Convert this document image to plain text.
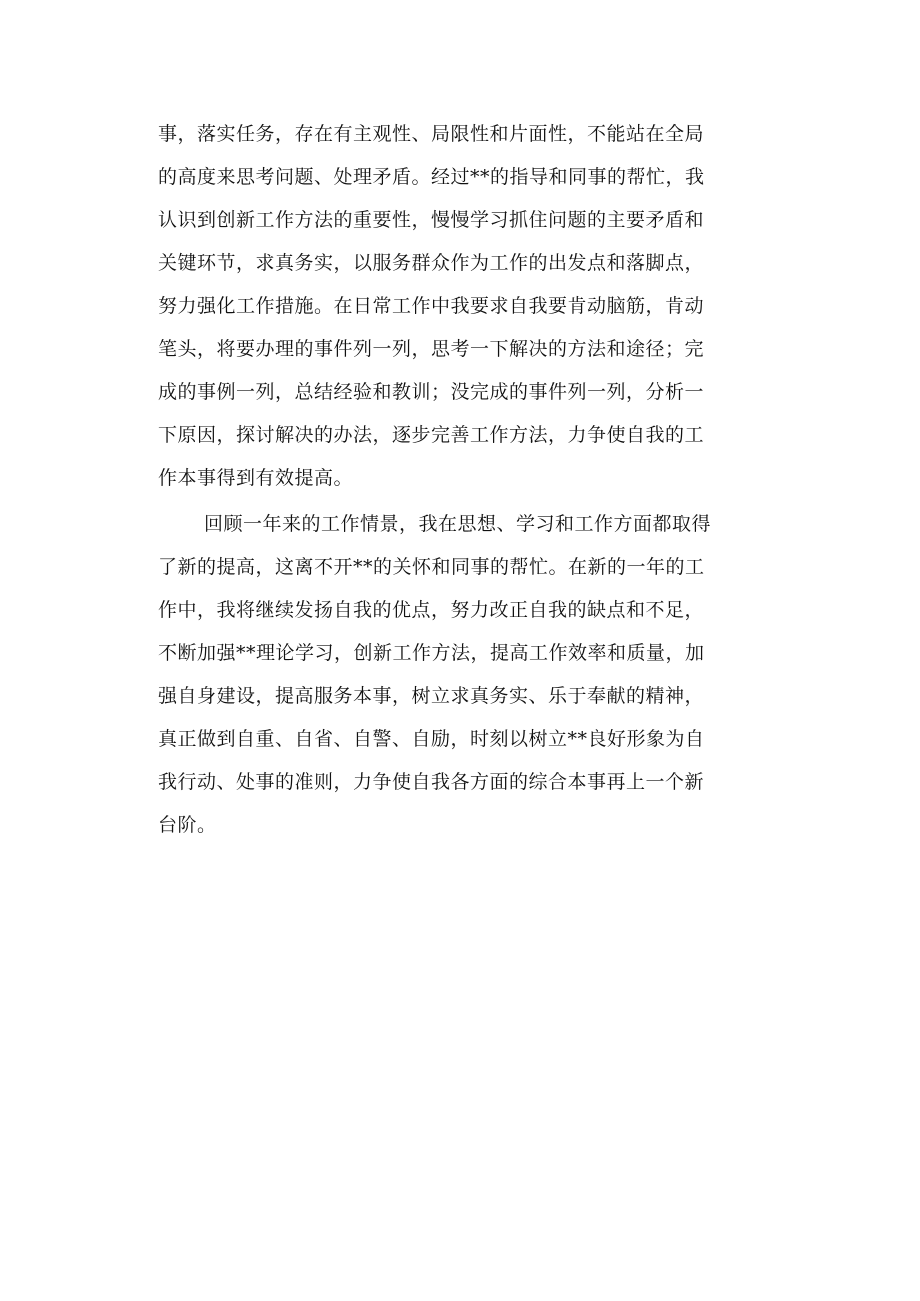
事，落实任务，存在有主观性、局限性和片面性，不能站在全局
的高度来思考问题、处理矛盾。经过**的指导和同事的帮忙，我
认识到创新工作方法的重要性，慢慢学习抓住问题的主要矛盾和
关键环节，求真务实，以服务群众作为工作的出发点和落脚点，
努力强化工作措施。在日常工作中我要求自我要肯动脑筋，肯动
笔头，将要办理的事件列一列，思考一下解决的方法和途径；完
成的事例一列，总结经验和教训；没完成的事件列一列，分析一
下原因，探讨解决的办法，逐步完善工作方法，力争使自我的工
作本事得到有效提高。
回顾一年来的工作情景，我在思想、学习和工作方面都取得
了新的提高，这离不开**的关怀和同事的帮忙。在新的一年的工
作中，我将继续发扬自我的优点，努力改正自我的缺点和不足，
不断加强**理论学习，创新工作方法，提高工作效率和质量，加
强自身建设，提高服务本事，树立求真务实、乐于奉献的精神，
真正做到自重、自省、自警、自励，时刻以树立**良好形象为自
我行动、处事的准则，力争使自我各方面的综合本事再上一个新
台阶。
